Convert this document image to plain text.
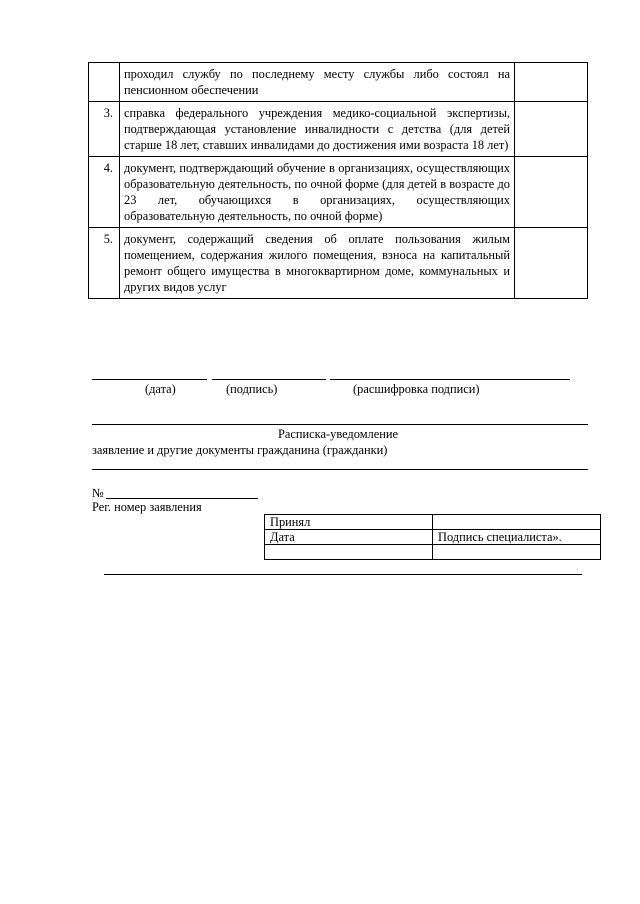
	проходил службу по последнему месту службы либо состоял на пенсионном обеспечении	
3.	справка федерального учреждения медико-социальной экспертизы, подтверждающая установление инвалидности с детства (для детей старше 18 лет, ставших инвалидами до достижения ими возраста 18 лет)	
4.	документ, подтверждающий обучение в организациях, осуществляющих образовательную деятельность, по очной форме (для детей в возрасте до 23 лет, обучающихся в организациях, осуществляющих образовательную деятельность, по очной форме)	
5.	документ, содержащий сведения об оплате пользования жилым помещением, содержания жилого помещения, взноса на капитальный ремонт общего имущества в многоквартирном доме, коммунальных и других видов услуг	
(дата)	(подпись)	(расшифровка подписи)
Расписка-уведомление
заявление и другие документы гражданина (гражданки)
№
Рег. номер заявления
Принял	
Дата	Подпись специалиста».
